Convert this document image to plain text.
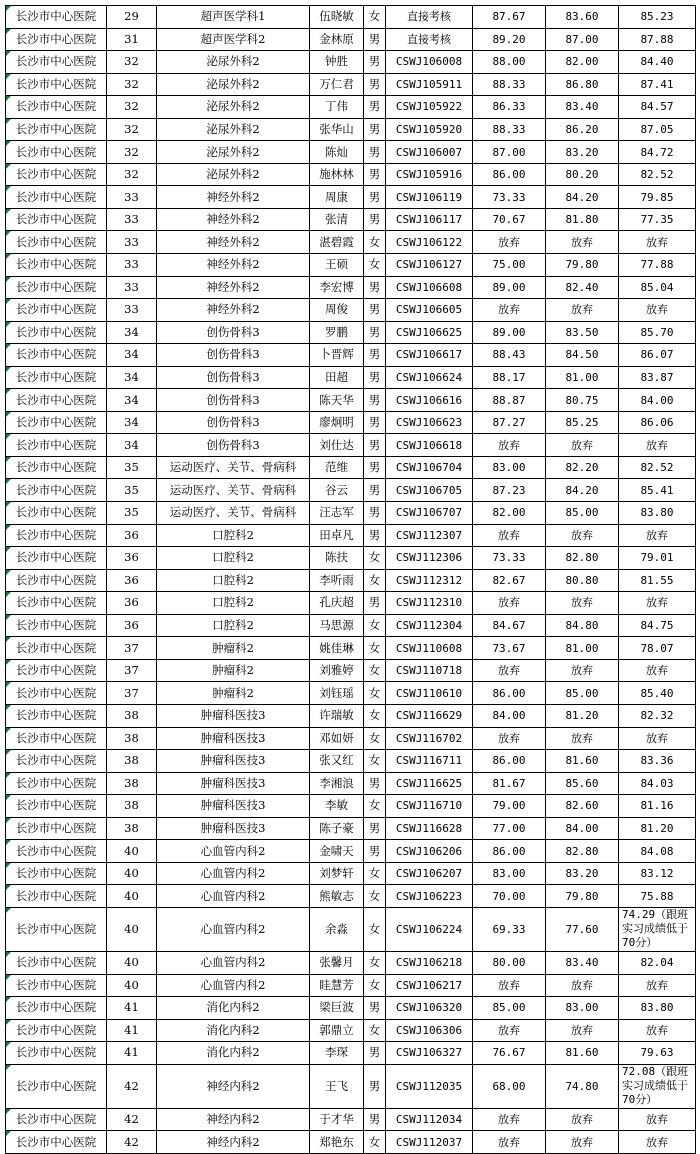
长沙市中心医院	29	超声医学科1	伍晓敏	女	直接考核	87.67	83.60	85.23
长沙市中心医院	31	超声医学科2	金林原	男	直接考核	89.20	87.00	87.88
长沙市中心医院	32	泌尿外科2	钟胜	男	CSWJ106008	88.00	82.00	84.40
长沙市中心医院	32	泌尿外科2	万仁君	男	CSWJ105911	88.33	86.80	87.41
长沙市中心医院	32	泌尿外科2	丁伟	男	CSWJ105922	86.33	83.40	84.57
长沙市中心医院	32	泌尿外科2	张华山	男	CSWJ105920	88.33	86.20	87.05
长沙市中心医院	32	泌尿外科2	陈灿	男	CSWJ106007	87.00	83.20	84.72
长沙市中心医院	32	泌尿外科2	施林林	男	CSWJ105916	86.00	80.20	82.52
长沙市中心医院	33	神经外科2	周康	男	CSWJ106119	73.33	84.20	79.85
长沙市中心医院	33	神经外科2	张清	男	CSWJ106117	70.67	81.80	77.35
长沙市中心医院	33	神经外科2	湛碧霞	女	CSWJ106122	放弃	放弃	放弃
长沙市中心医院	33	神经外科2	王硕	女	CSWJ106127	75.00	79.80	77.88
长沙市中心医院	33	神经外科2	李宏博	男	CSWJ106608	89.00	82.40	85.04
长沙市中心医院	33	神经外科2	周俊	男	CSWJ106605	放弃	放弃	放弃
长沙市中心医院	34	创伤骨科3	罗鹏	男	CSWJ106625	89.00	83.50	85.70
长沙市中心医院	34	创伤骨科3	卜晋辉	男	CSWJ106617	88.43	84.50	86.07
长沙市中心医院	34	创伤骨科3	田超	男	CSWJ106624	88.17	81.00	83.87
长沙市中心医院	34	创伤骨科3	陈天华	男	CSWJ106616	88.87	80.75	84.00
长沙市中心医院	34	创伤骨科3	廖炯明	男	CSWJ106623	87.27	85.25	86.06
长沙市中心医院	34	创伤骨科3	刘仕达	男	CSWJ106618	放弃	放弃	放弃
长沙市中心医院	35	运动医疗、关节、骨病科	范维	男	CSWJ106704	83.00	82.20	82.52
长沙市中心医院	35	运动医疗、关节、骨病科	谷云	男	CSWJ106705	87.23	84.20	85.41
长沙市中心医院	35	运动医疗、关节、骨病科	汪志军	男	CSWJ106707	82.00	85.00	83.80
长沙市中心医院	36	口腔科2	田卓凡	男	CSWJ112307	放弃	放弃	放弃
长沙市中心医院	36	口腔科2	陈扶	女	CSWJ112306	73.33	82.80	79.01
长沙市中心医院	36	口腔科2	李听雨	女	CSWJ112312	82.67	80.80	81.55
长沙市中心医院	36	口腔科2	孔庆超	男	CSWJ112310	放弃	放弃	放弃
长沙市中心医院	36	口腔科2	马思源	女	CSWJ112304	84.67	84.80	84.75
长沙市中心医院	37	肿瘤科2	姚佳琳	女	CSWJ110608	73.67	81.00	78.07
长沙市中心医院	37	肿瘤科2	刘雅婷	女	CSWJ110718	放弃	放弃	放弃
长沙市中心医院	37	肿瘤科2	刘钰瑶	女	CSWJ110610	86.00	85.00	85.40
长沙市中心医院	38	肿瘤科医技3	许瑞敏	女	CSWJ116629	84.00	81.20	82.32
长沙市中心医院	38	肿瘤科医技3	邓如妍	女	CSWJ116702	放弃	放弃	放弃
长沙市中心医院	38	肿瘤科医技3	张又红	女	CSWJ116711	86.00	81.60	83.36
长沙市中心医院	38	肿瘤科医技3	李湘浪	男	CSWJ116625	81.67	85.60	84.03
长沙市中心医院	38	肿瘤科医技3	李敏	女	CSWJ116710	79.00	82.60	81.16
长沙市中心医院	38	肿瘤科医技3	陈子豪	男	CSWJ116628	77.00	84.00	81.20
长沙市中心医院	40	心血管内科2	金啸天	男	CSWJ106206	86.00	82.80	84.08
长沙市中心医院	40	心血管内科2	刘梦轩	女	CSWJ106207	83.00	83.20	83.12
长沙市中心医院	40	心血管内科2	熊敏志	女	CSWJ106223	70.00	79.80	75.88
长沙市中心医院	40	心血管内科2	余淼	女	CSWJ106224	69.33	77.60	74.29（跟班实习成绩低于70分）
长沙市中心医院	40	心血管内科2	张馨月	女	CSWJ106218	80.00	83.40	82.04
长沙市中心医院	40	心血管内科2	眭慧芳	女	CSWJ106217	放弃	放弃	放弃
长沙市中心医院	41	消化内科2	梁巨波	男	CSWJ106320	85.00	83.00	83.80
长沙市中心医院	41	消化内科2	郭鼎立	女	CSWJ106306	放弃	放弃	放弃
长沙市中心医院	41	消化内科2	李琛	男	CSWJ106327	76.67	81.60	79.63
长沙市中心医院	42	神经内科2	王飞	男	CSWJ112035	68.00	74.80	72.08（跟班实习成绩低于70分）
长沙市中心医院	42	神经内科2	于才华	男	CSWJ112034	放弃	放弃	放弃
长沙市中心医院	42	神经内科2	郑艳东	女	CSWJ112037	放弃	放弃	放弃
